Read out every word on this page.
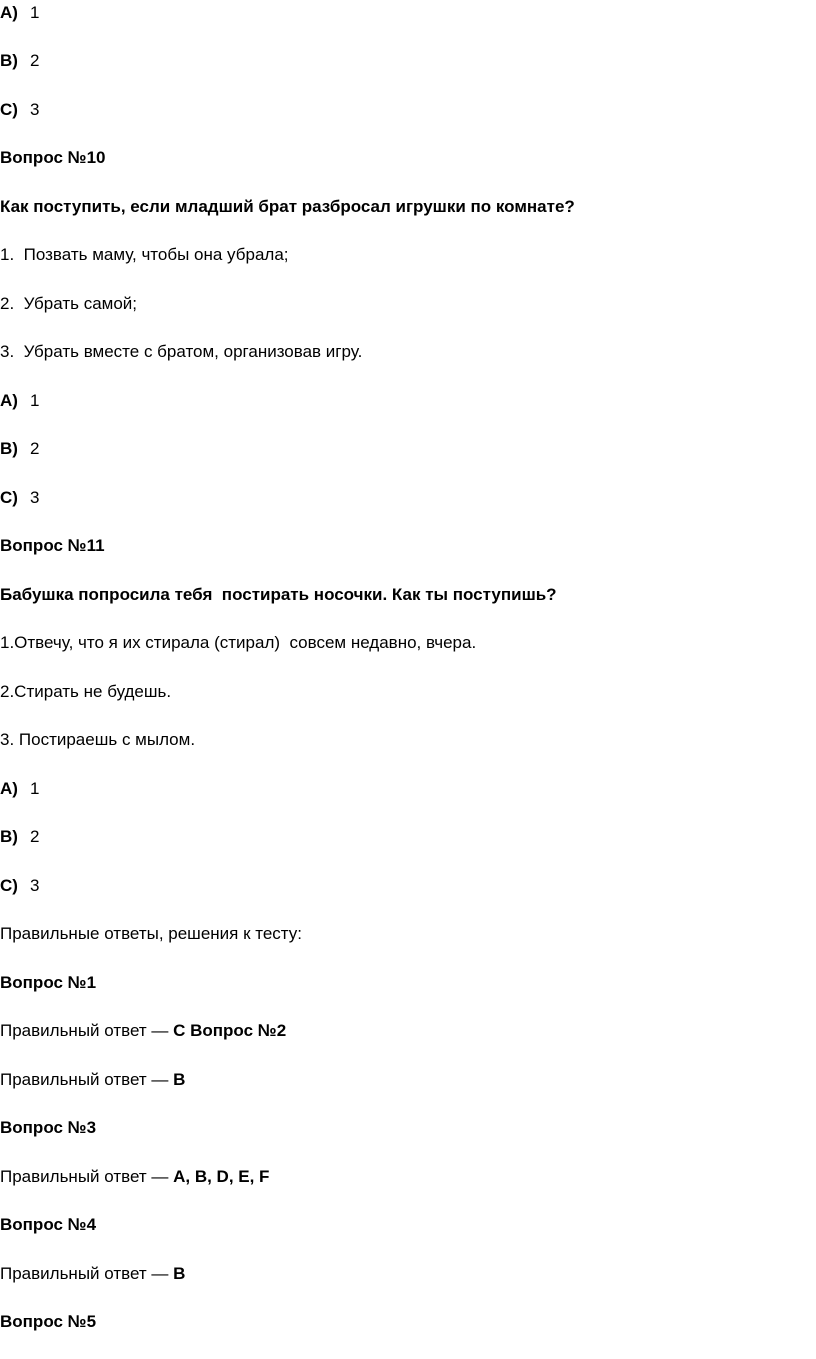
A) 1
B) 2
C) 3
Вопрос №10
Как поступить, если младший брат разбросал игрушки по комнате?
1.  Позвать маму, чтобы она убрала;
2.  Убрать самой;
3.  Убрать вместе с братом, организовав игру.
A) 1
B) 2
C) 3
Вопрос №11
Бабушка попросила тебя  постирать носочки. Как ты поступишь?
1.Отвечу, что я их стирала (стирал)  совсем недавно, вчера.
2.Стирать не будешь.
3. Постираешь с мылом.
A) 1
B) 2
C) 3
Правильные ответы, решения к тесту:
Вопрос №1
Правильный ответ — C Вопрос №2
Правильный ответ — B
Вопрос №3
Правильный ответ — A, B, D, E, F
Вопрос №4
Правильный ответ — B
Вопрос №5
